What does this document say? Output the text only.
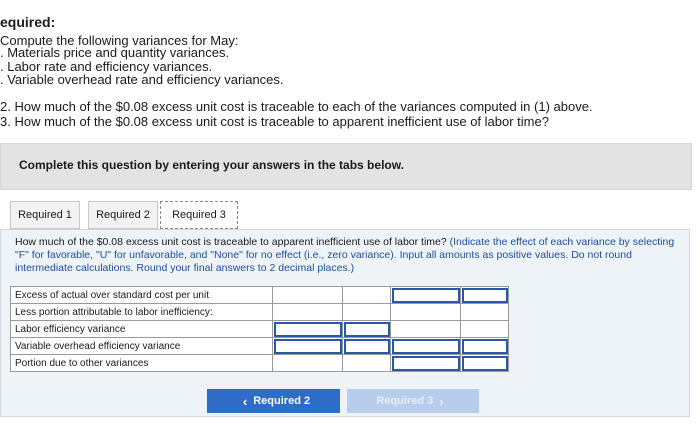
equired:
Compute the following variances for May:
. Materials price and quantity variances.
. Labor rate and efficiency variances.
. Variable overhead rate and efficiency variances.
2. How much of the $0.08 excess unit cost is traceable to each of the variances computed in (1) above.
3. How much of the $0.08 excess unit cost is traceable to apparent inefficient use of labor time?
Complete this question by entering your answers in the tabs below.
Required 1	Required 2	Required 3
How much of the $0.08 excess unit cost is traceable to apparent inefficient use of labor time? (Indicate the effect of each variance by selecting "F" for favorable, "U" for unfavorable, and "None" for no effect (i.e., zero variance). Input all amounts as positive values. Do not round intermediate calculations. Round your final answers to 2 decimal places.)
Excess of actual over standard cost per unit				
Less portion attributable to labor inefficiency:				
Labor efficiency variance				
Variable overhead efficiency variance				
Portion due to other variances				
‹ Required 2	Required 3 ›
